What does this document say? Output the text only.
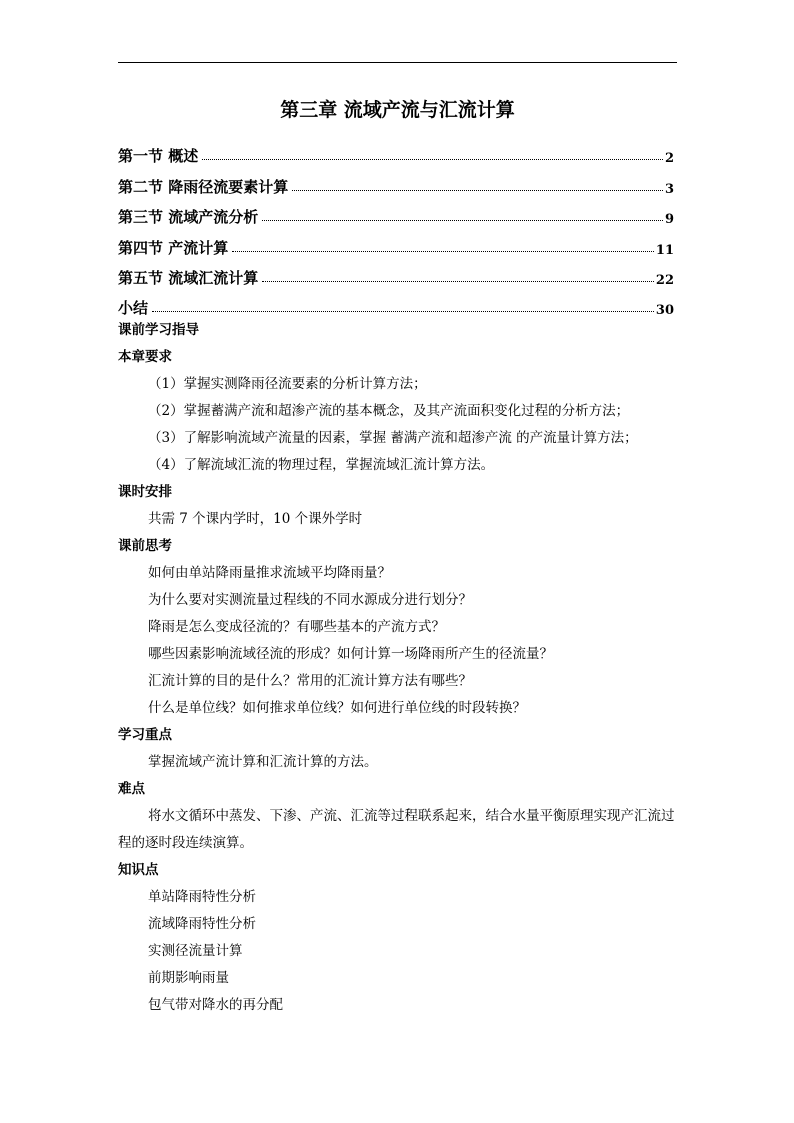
第三章 流域产流与汇流计算
第一节 概述	2
第二节 降雨径流要素计算	3
第三节 流域产流分析	9
第四节 产流计算	11
第五节 流域汇流计算	22
小结	30
课前学习指导
本章要求
（1）掌握实测降雨径流要素的分析计算方法；
（2）掌握蓄满产流和超渗产流的基本概念，及其产流面积变化过程的分析方法；
（3）了解影响流域产流量的因素，掌握 蓄满产流和超渗产流 的产流量计算方法；
（4）了解流域汇流的物理过程，掌握流域汇流计算方法。
课时安排
共需 7 个课内学时，10 个课外学时
课前思考
如何由单站降雨量推求流域平均降雨量？
为什么要对实测流量过程线的不同水源成分进行划分？
降雨是怎么变成径流的？有哪些基本的产流方式？
哪些因素影响流域径流的形成？如何计算一场降雨所产生的径流量？
汇流计算的目的是什么？常用的汇流计算方法有哪些？
什么是单位线？如何推求单位线？如何进行单位线的时段转换？
学习重点
掌握流域产流计算和汇流计算的方法。
难点
将水文循环中蒸发、下渗、产流、汇流等过程联系起来，结合水量平衡原理实现产汇流过程的逐时段连续演算。
知识点
单站降雨特性分析
流域降雨特性分析
实测径流量计算
前期影响雨量
包气带对降水的再分配
